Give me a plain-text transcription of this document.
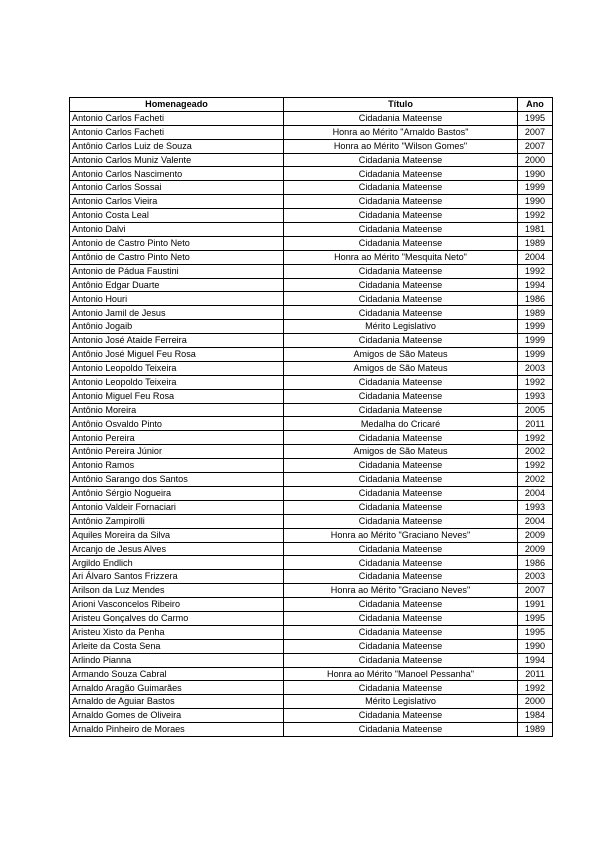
Homenageado	Título	Ano
Antonio Carlos Facheti	Cidadania Mateense	1995
Antonio Carlos Facheti	Honra ao Mérito "Arnaldo Bastos"	2007
Antônio Carlos Luiz de Souza	Honra ao Mérito "Wilson Gomes"	2007
Antonio Carlos Muniz Valente	Cidadania Mateense	2000
Antonio Carlos Nascimento	Cidadania Mateense	1990
Antonio Carlos Sossai	Cidadania Mateense	1999
Antonio Carlos Vieira	Cidadania Mateense	1990
Antonio Costa Leal	Cidadania Mateense	1992
Antonio Dalvi	Cidadania Mateense	1981
Antonio de Castro Pinto Neto	Cidadania Mateense	1989
Antônio de Castro Pinto Neto	Honra ao Mérito "Mesquita Neto"	2004
Antonio de Pádua Faustini	Cidadania Mateense	1992
Antônio Edgar Duarte	Cidadania Mateense	1994
Antonio Houri	Cidadania Mateense	1986
Antonio Jamil de Jesus	Cidadania Mateense	1989
Antônio Jogaib	Mérito Legislativo	1999
Antonio José Ataide Ferreira	Cidadania Mateense	1999
Antônio José Miguel Feu Rosa	Amigos de São Mateus	1999
Antonio Leopoldo Teixeira	Amigos de São Mateus	2003
Antonio Leopoldo Teixeira	Cidadania Mateense	1992
Antonio Miguel Feu Rosa	Cidadania Mateense	1993
Antônio Moreira	Cidadania Mateense	2005
Antônio Osvaldo Pinto	Medalha do Cricaré	2011
Antonio Pereira	Cidadania Mateense	1992
Antônio Pereira Júnior	Amigos de São Mateus	2002
Antonio Ramos	Cidadania Mateense	1992
Antônio Sarango dos Santos	Cidadania Mateense	2002
Antônio Sérgio Nogueira	Cidadania Mateense	2004
Antonio Valdeir Fornaciari	Cidadania Mateense	1993
Antônio Zampirolli	Cidadania Mateense	2004
Aquiles Moreira da Silva	Honra ao Mérito "Graciano Neves"	2009
Arcanjo de Jesus Alves	Cidadania Mateense	2009
Argildo Endlich	Cidadania Mateense	1986
Ari Álvaro Santos Frizzera	Cidadania Mateense	2003
Arilson da Luz Mendes	Honra ao Mérito "Graciano Neves"	2007
Arioni Vasconcelos Ribeiro	Cidadania Mateense	1991
Aristeu Gonçalves do Carmo	Cidadania Mateense	1995
Aristeu Xisto da Penha	Cidadania Mateense	1995
Arleite da Costa Sena	Cidadania Mateense	1990
Arlindo Pianna	Cidadania Mateense	1994
Armando Souza Cabral	Honra ao Mérito "Manoel Pessanha"	2011
Arnaldo Aragão Guimarães	Cidadania Mateense	1992
Arnaldo de Aguiar Bastos	Mérito Legislativo	2000
Arnaldo Gomes de Oliveira	Cidadania Mateense	1984
Arnaldo Pinheiro de Moraes	Cidadania Mateense	1989
